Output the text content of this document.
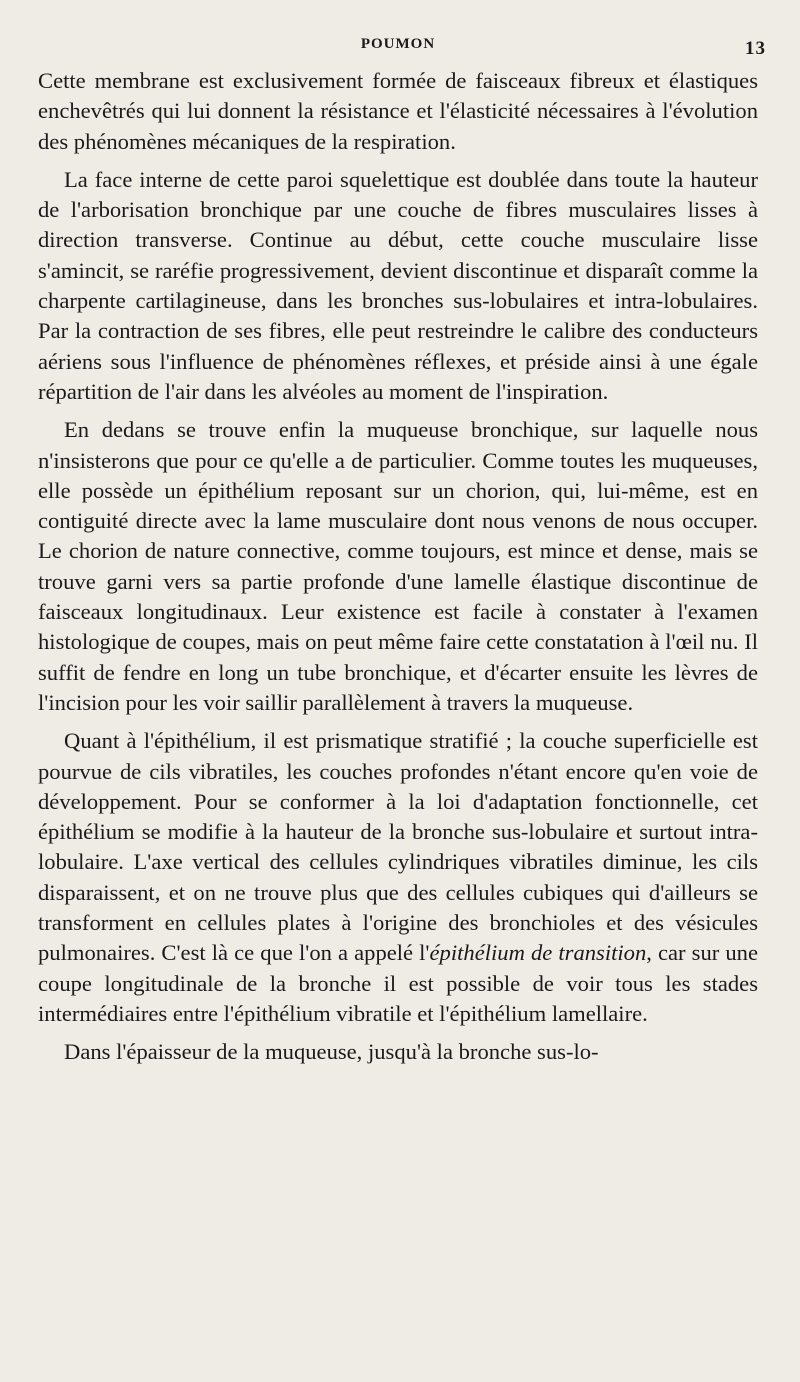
POUMON	13

Cette membrane est exclusivement formée de faisceaux fibreux et élastiques enchevêtrés qui lui donnent la résistance et l'élasticité nécessaires à l'évolution des phénomènes mécaniques de la respiration.

La face interne de cette paroi squelettique est doublée dans toute la hauteur de l'arborisation bronchique par une couche de fibres musculaires lisses à direction transverse. Continue au début, cette couche musculaire lisse s'amincit, se raréfie progressivement, devient discontinue et disparaît comme la charpente cartilagineuse, dans les bronches sus-lobulaires et intra-lobulaires. Par la contraction de ses fibres, elle peut restreindre le calibre des conducteurs aériens sous l'influence de phénomènes réflexes, et préside ainsi à une égale répartition de l'air dans les alvéoles au moment de l'inspiration.

En dedans se trouve enfin la muqueuse bronchique, sur laquelle nous n'insisterons que pour ce qu'elle a de particulier. Comme toutes les muqueuses, elle possède un épithélium reposant sur un chorion, qui, lui-même, est en contiguité directe avec la lame musculaire dont nous venons de nous occuper. Le chorion de nature connective, comme toujours, est mince et dense, mais se trouve garni vers sa partie profonde d'une lamelle élastique discontinue de faisceaux longitudinaux. Leur existence est facile à constater à l'examen histologique de coupes, mais on peut même faire cette constatation à l'œil nu. Il suffit de fendre en long un tube bronchique, et d'écarter ensuite les lèvres de l'incision pour les voir saillir parallèlement à travers la muqueuse.

Quant à l'épithélium, il est prismatique stratifié ; la couche superficielle est pourvue de cils vibratiles, les couches profondes n'étant encore qu'en voie de développement. Pour se conformer à la loi d'adaptation fonctionnelle, cet épithélium se modifie à la hauteur de la bronche sus-lobulaire et surtout intra-lobulaire. L'axe vertical des cellules cylindriques vibratiles diminue, les cils disparaissent, et on ne trouve plus que des cellules cubiques qui d'ailleurs se transforment en cellules plates à l'origine des bronchioles et des vésicules pulmonaires. C'est là ce que l'on a appelé l'épithélium de transition, car sur une coupe longitudinale de la bronche il est possible de voir tous les stades intermédiaires entre l'épithélium vibratile et l'épithélium lamellaire.

Dans l'épaisseur de la muqueuse, jusqu'à la bronche sus-lo-
